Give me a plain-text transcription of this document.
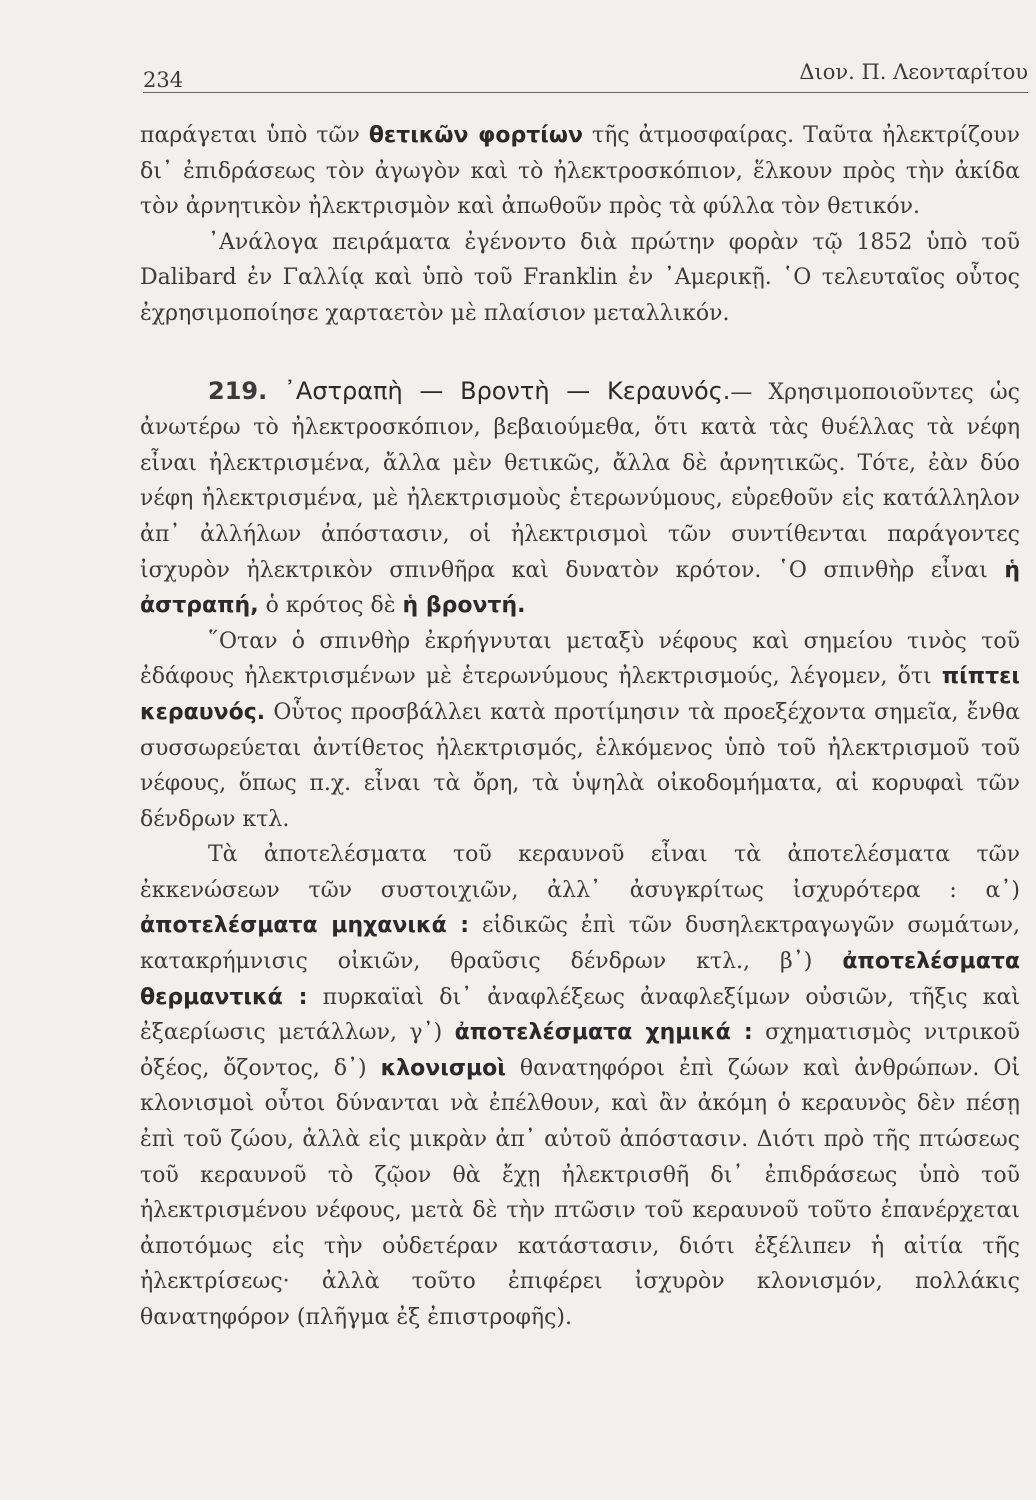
234	Διον. Π. Λεονταρίτου

παράγεται ὑπὸ τῶν θετικῶν φορτίων τῆς ἀτμοσφαίρας. Ταῦτα ἠλεκτρίζουν δι᾽ ἐπιδράσεως τὸν ἀγωγὸν καὶ τὸ ἠλεκτροσκόπιον, ἕλκουν πρὸς τὴν ἀκίδα τὸν ἀρνητικὸν ἠλεκτρισμὸν καὶ ἀπωθοῦν πρὸς τὰ φύλλα τὸν θετικόν.

᾽Ανάλογα πειράματα ἐγένοντο διὰ πρώτην φορὰν τῷ 1852 ὑπὸ τοῦ Dalibard ἐν Γαλλίᾳ καὶ ὑπὸ τοῦ Franklin ἐν ᾽Αμερικῇ. ῾Ο τελευταῖος οὗτος ἐχρησιμοποίησε χαρταετὸν μὲ πλαίσιον μεταλλικόν.

219. ᾽Αστραπὴ — Βροντὴ — Κεραυνός.— Χρησιμοποιοῦντες ὡς ἀνωτέρω τὸ ἠλεκτροσκόπιον, βεβαιούμεθα, ὅτι κατὰ τὰς θυέλλας τὰ νέφη εἶναι ἠλεκτρισμένα, ἄλλα μὲν θετικῶς, ἄλλα δὲ ἀρνητικῶς. Τότε, ἐὰν δύο νέφη ἠλεκτρισμένα, μὲ ἠλεκτρισμοὺς ἑτερωνύμους, εὑρεθοῦν εἰς κατάλληλον ἀπ᾽ ἀλλήλων ἀπόστασιν, οἱ ἠλεκτρισμοὶ τῶν συντίθενται παράγοντες ἰσχυρὸν ἠλεκτρικὸν σπινθῆρα καὶ δυνατὸν κρότον. ῾Ο σπινθὴρ εἶναι ἡ ἀστραπή, ὁ κρότος δὲ ἡ βροντή.

῞Οταν ὁ σπινθὴρ ἐκρήγνυται μεταξὺ νέφους καὶ σημείου τινὸς τοῦ ἐδάφους ἠλεκτρισμένων μὲ ἑτερωνύμους ἠλεκτρισμούς, λέγομεν, ὅτι πίπτει κεραυνός. Οὗτος προσβάλλει κατὰ προτίμησιν τὰ προεξέχοντα σημεῖα, ἔνθα συσσωρεύεται ἀντίθετος ἠλεκτρισμός, ἑλκόμενος ὑπὸ τοῦ ἠλεκτρισμοῦ τοῦ νέφους, ὅπως π.χ. εἶναι τὰ ὄρη, τὰ ὑψηλὰ οἰκοδομήματα, αἱ κορυφαὶ τῶν δένδρων κτλ.

Τὰ ἀποτελέσματα τοῦ κεραυνοῦ εἶναι τὰ ἀποτελέσματα τῶν ἐκκενώσεων τῶν συστοιχιῶν, ἀλλ᾽ ἀσυγκρίτως ἰσχυρότερα : α᾽) ἀποτελέσματα μηχανικά : εἰδικῶς ἐπὶ τῶν δυσηλεκτραγωγῶν σωμάτων, κατακρήμνισις οἰκιῶν, θραῦσις δένδρων κτλ., β᾽) ἀποτελέσματα θερμαντικά : πυρκαϊαὶ δι᾽ ἀναφλέξεως ἀναφλεξίμων οὐσιῶν, τῆξις καὶ ἐξαερίωσις μετάλλων, γ᾽) ἀποτελέσματα χημικά : σχηματισμὸς νιτρικοῦ ὀξέος, ὄζοντος, δ᾽) κλονισμοὶ θανατηφόροι ἐπὶ ζώων καὶ ἀνθρώπων. Οἱ κλονισμοὶ οὗτοι δύνανται νὰ ἐπέλθουν, καὶ ἂν ἀκόμη ὁ κεραυνὸς δὲν πέσῃ ἐπὶ τοῦ ζώου, ἀλλὰ εἰς μικρὰν ἀπ᾽ αὐτοῦ ἀπόστασιν. Διότι πρὸ τῆς πτώσεως τοῦ κεραυνοῦ τὸ ζῷον θὰ ἔχῃ ἠλεκτρισθῆ δι᾽ ἐπιδράσεως ὑπὸ τοῦ ἠλεκτρισμένου νέφους, μετὰ δὲ τὴν πτῶσιν τοῦ κεραυνοῦ τοῦτο ἐπανέρχεται ἀποτόμως εἰς τὴν οὐδετέραν κατάστασιν, διότι ἐξέλιπεν ἡ αἰτία τῆς ἠλεκτρίσεως· ἀλλὰ τοῦτο ἐπιφέρει ἰσχυρὸν κλονισμόν, πολλάκις θανατηφόρον (πλῆγμα ἐξ ἐπιστροφῆς).
